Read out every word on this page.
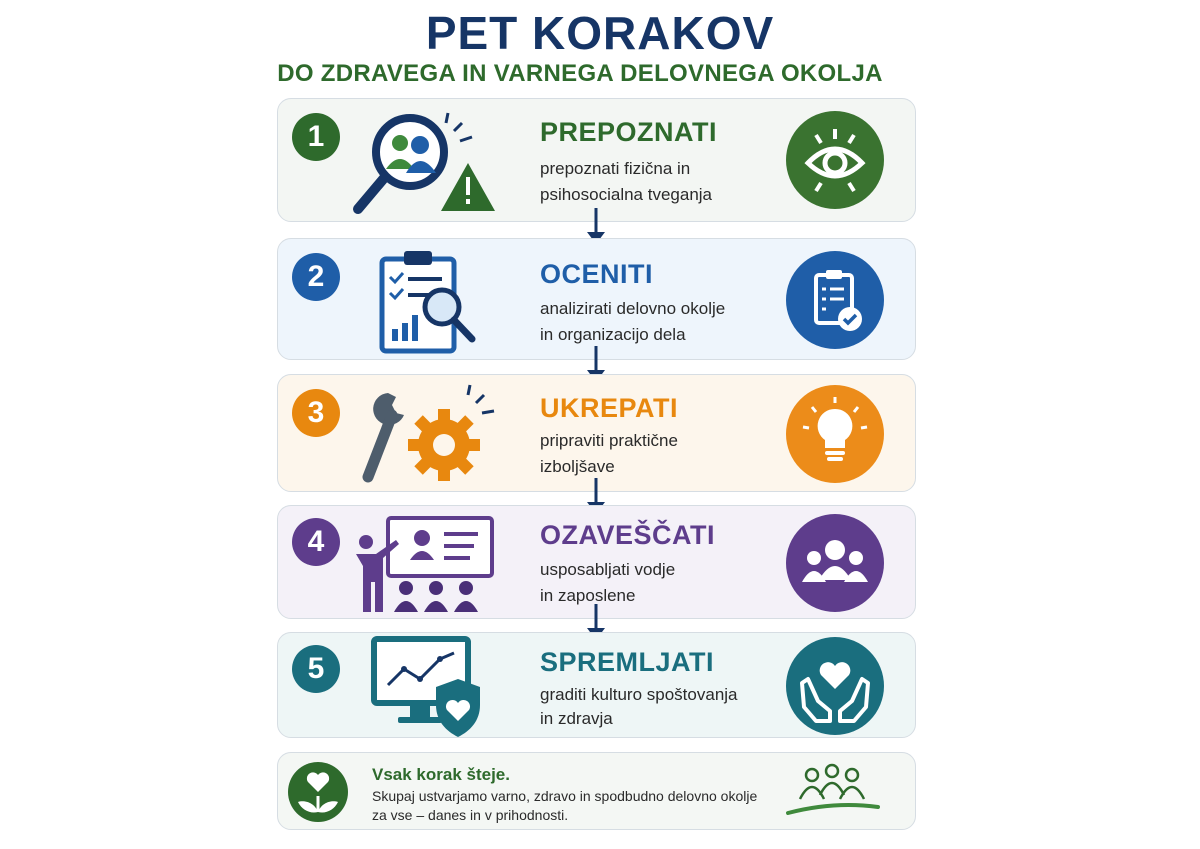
PET KORAKOV
DO ZDRAVEGA IN VARNEGA DELOVNEGA OKOLJA
1	PREPOZNATI
prepoznati fizična in
psihosocialna tveganja
2	OCENITI
analizirati delovno okolje
in organizacijo dela
3	UKREPATI
pripraviti praktične
izboljšave
4	OZAVEŠČATI
usposabljati vodje
in zaposlene
5	SPREMLJATI
graditi kulturo spoštovanja
in zdravja
Vsak korak šteje.
Skupaj ustvarjamo varno, zdravo in spodbudno delovno okolje
za vse – danes in v prihodnosti.
